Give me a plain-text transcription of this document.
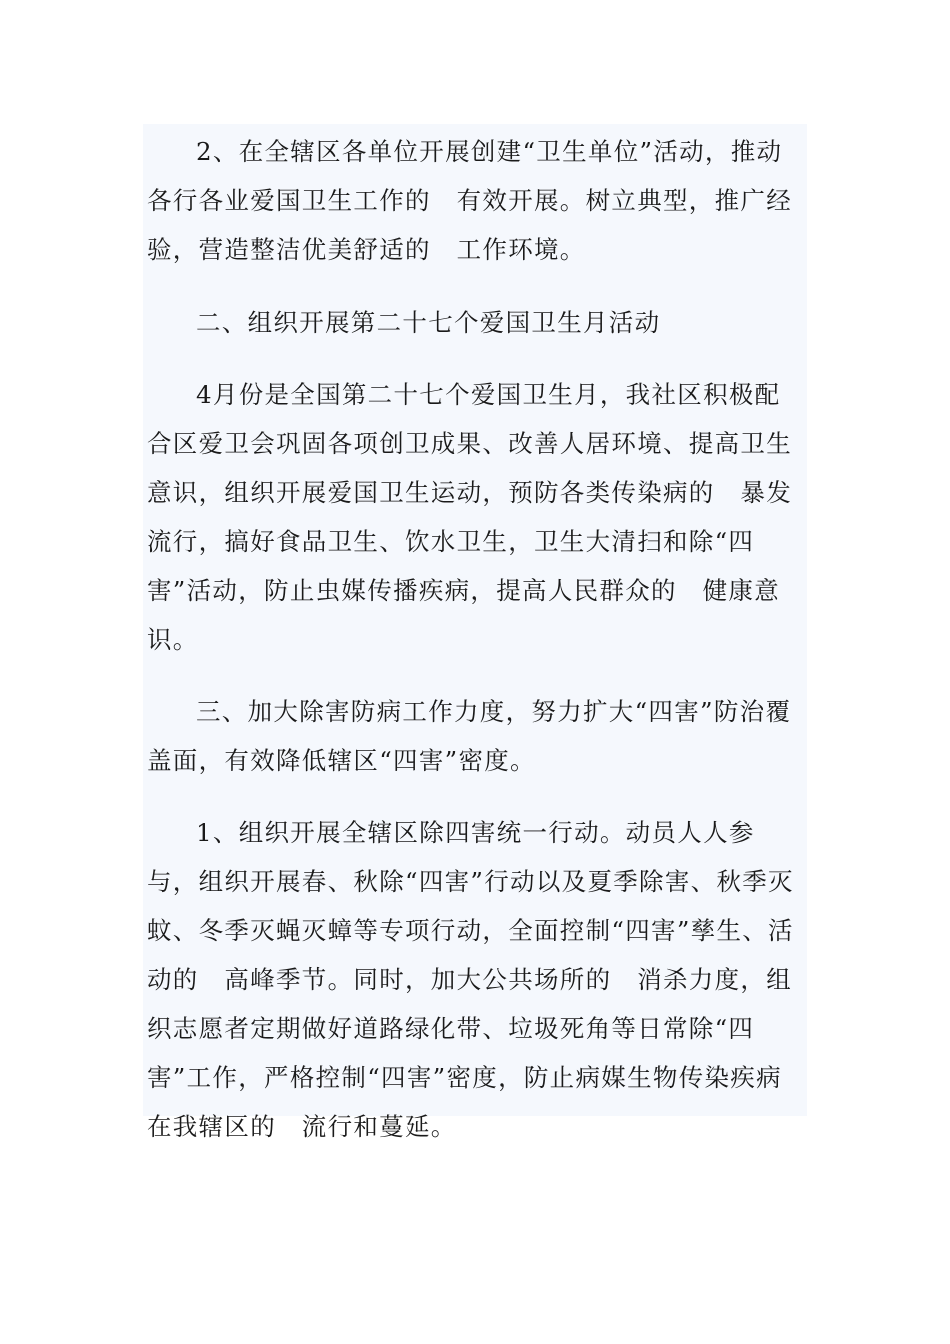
2、在全辖区各单位开展创建“卫生单位”活动，推动各行各业爱国卫生工作的　有效开展。树立典型，推广经验，营造整洁优美舒适的　工作环境。

二、组织开展第二十七个爱国卫生月活动

4月份是全国第二十七个爱国卫生月，我社区积极配合区爱卫会巩固各项创卫成果、改善人居环境、提高卫生意识，组织开展爱国卫生运动，预防各类传染病的　暴发流行，搞好食品卫生、饮水卫生，卫生大清扫和除“四害”活动，防止虫媒传播疾病，提高人民群众的　健康意识。

三、加大除害防病工作力度，努力扩大“四害”防治覆盖面，有效降低辖区“四害”密度。

1、组织开展全辖区除四害统一行动。动员人人参与，组织开展春、秋除“四害”行动以及夏季除害、秋季灭蚊、冬季灭蝇灭蟑等专项行动，全面控制“四害”孳生、活动的　高峰季节。同时，加大公共场所的　消杀力度，组织志愿者定期做好道路绿化带、垃圾死角等日常除“四害”工作，严格控制“四害”密度，防止病媒生物传染疾病在我辖区的　流行和蔓延。
